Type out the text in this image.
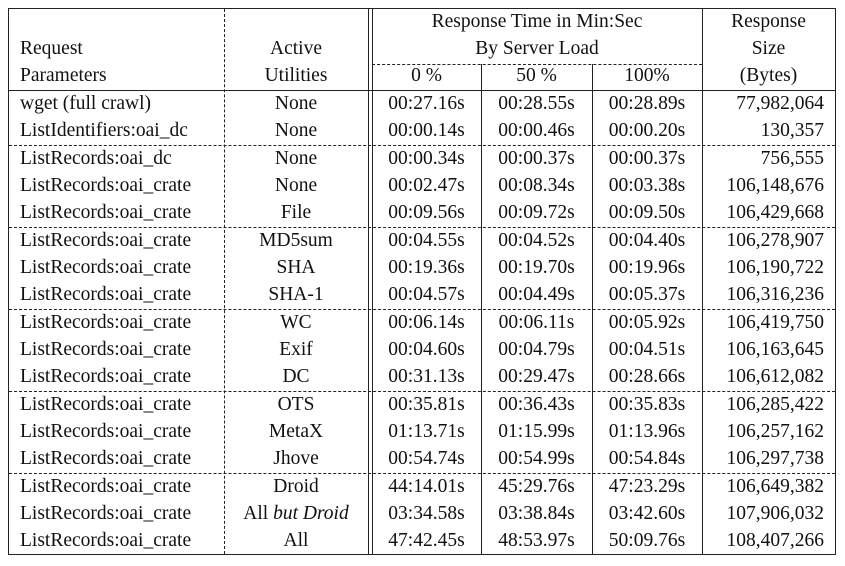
Request
Parameters
Active
Utilities
Response Time in Min:Sec
By Server Load
0 %	50 %	100%
Response
Size
(Bytes)
wget (full crawl)	None	00:27.16s	00:28.55s	00:28.89s	77,982,064
ListIdentifiers:oai_dc	None	00:00.14s	00:00.46s	00:00.20s	130,357
ListRecords:oai_dc	None	00:00.34s	00:00.37s	00:00.37s	756,555
ListRecords:oai_crate	None	00:02.47s	00:08.34s	00:03.38s	106,148,676
ListRecords:oai_crate	File	00:09.56s	00:09.72s	00:09.50s	106,429,668
ListRecords:oai_crate	MD5sum	00:04.55s	00:04.52s	00:04.40s	106,278,907
ListRecords:oai_crate	SHA	00:19.36s	00:19.70s	00:19.96s	106,190,722
ListRecords:oai_crate	SHA-1	00:04.57s	00:04.49s	00:05.37s	106,316,236
ListRecords:oai_crate	WC	00:06.14s	00:06.11s	00:05.92s	106,419,750
ListRecords:oai_crate	Exif	00:04.60s	00:04.79s	00:04.51s	106,163,645
ListRecords:oai_crate	DC	00:31.13s	00:29.47s	00:28.66s	106,612,082
ListRecords:oai_crate	OTS	00:35.81s	00:36.43s	00:35.83s	106,285,422
ListRecords:oai_crate	MetaX	01:13.71s	01:15.99s	01:13.96s	106,257,162
ListRecords:oai_crate	Jhove	00:54.74s	00:54.99s	00:54.84s	106,297,738
ListRecords:oai_crate	Droid	44:14.01s	45:29.76s	47:23.29s	106,649,382
ListRecords:oai_crate	All but Droid	03:34.58s	03:38.84s	03:42.60s	107,906,032
ListRecords:oai_crate	All	47:42.45s	48:53.97s	50:09.76s	108,407,266
